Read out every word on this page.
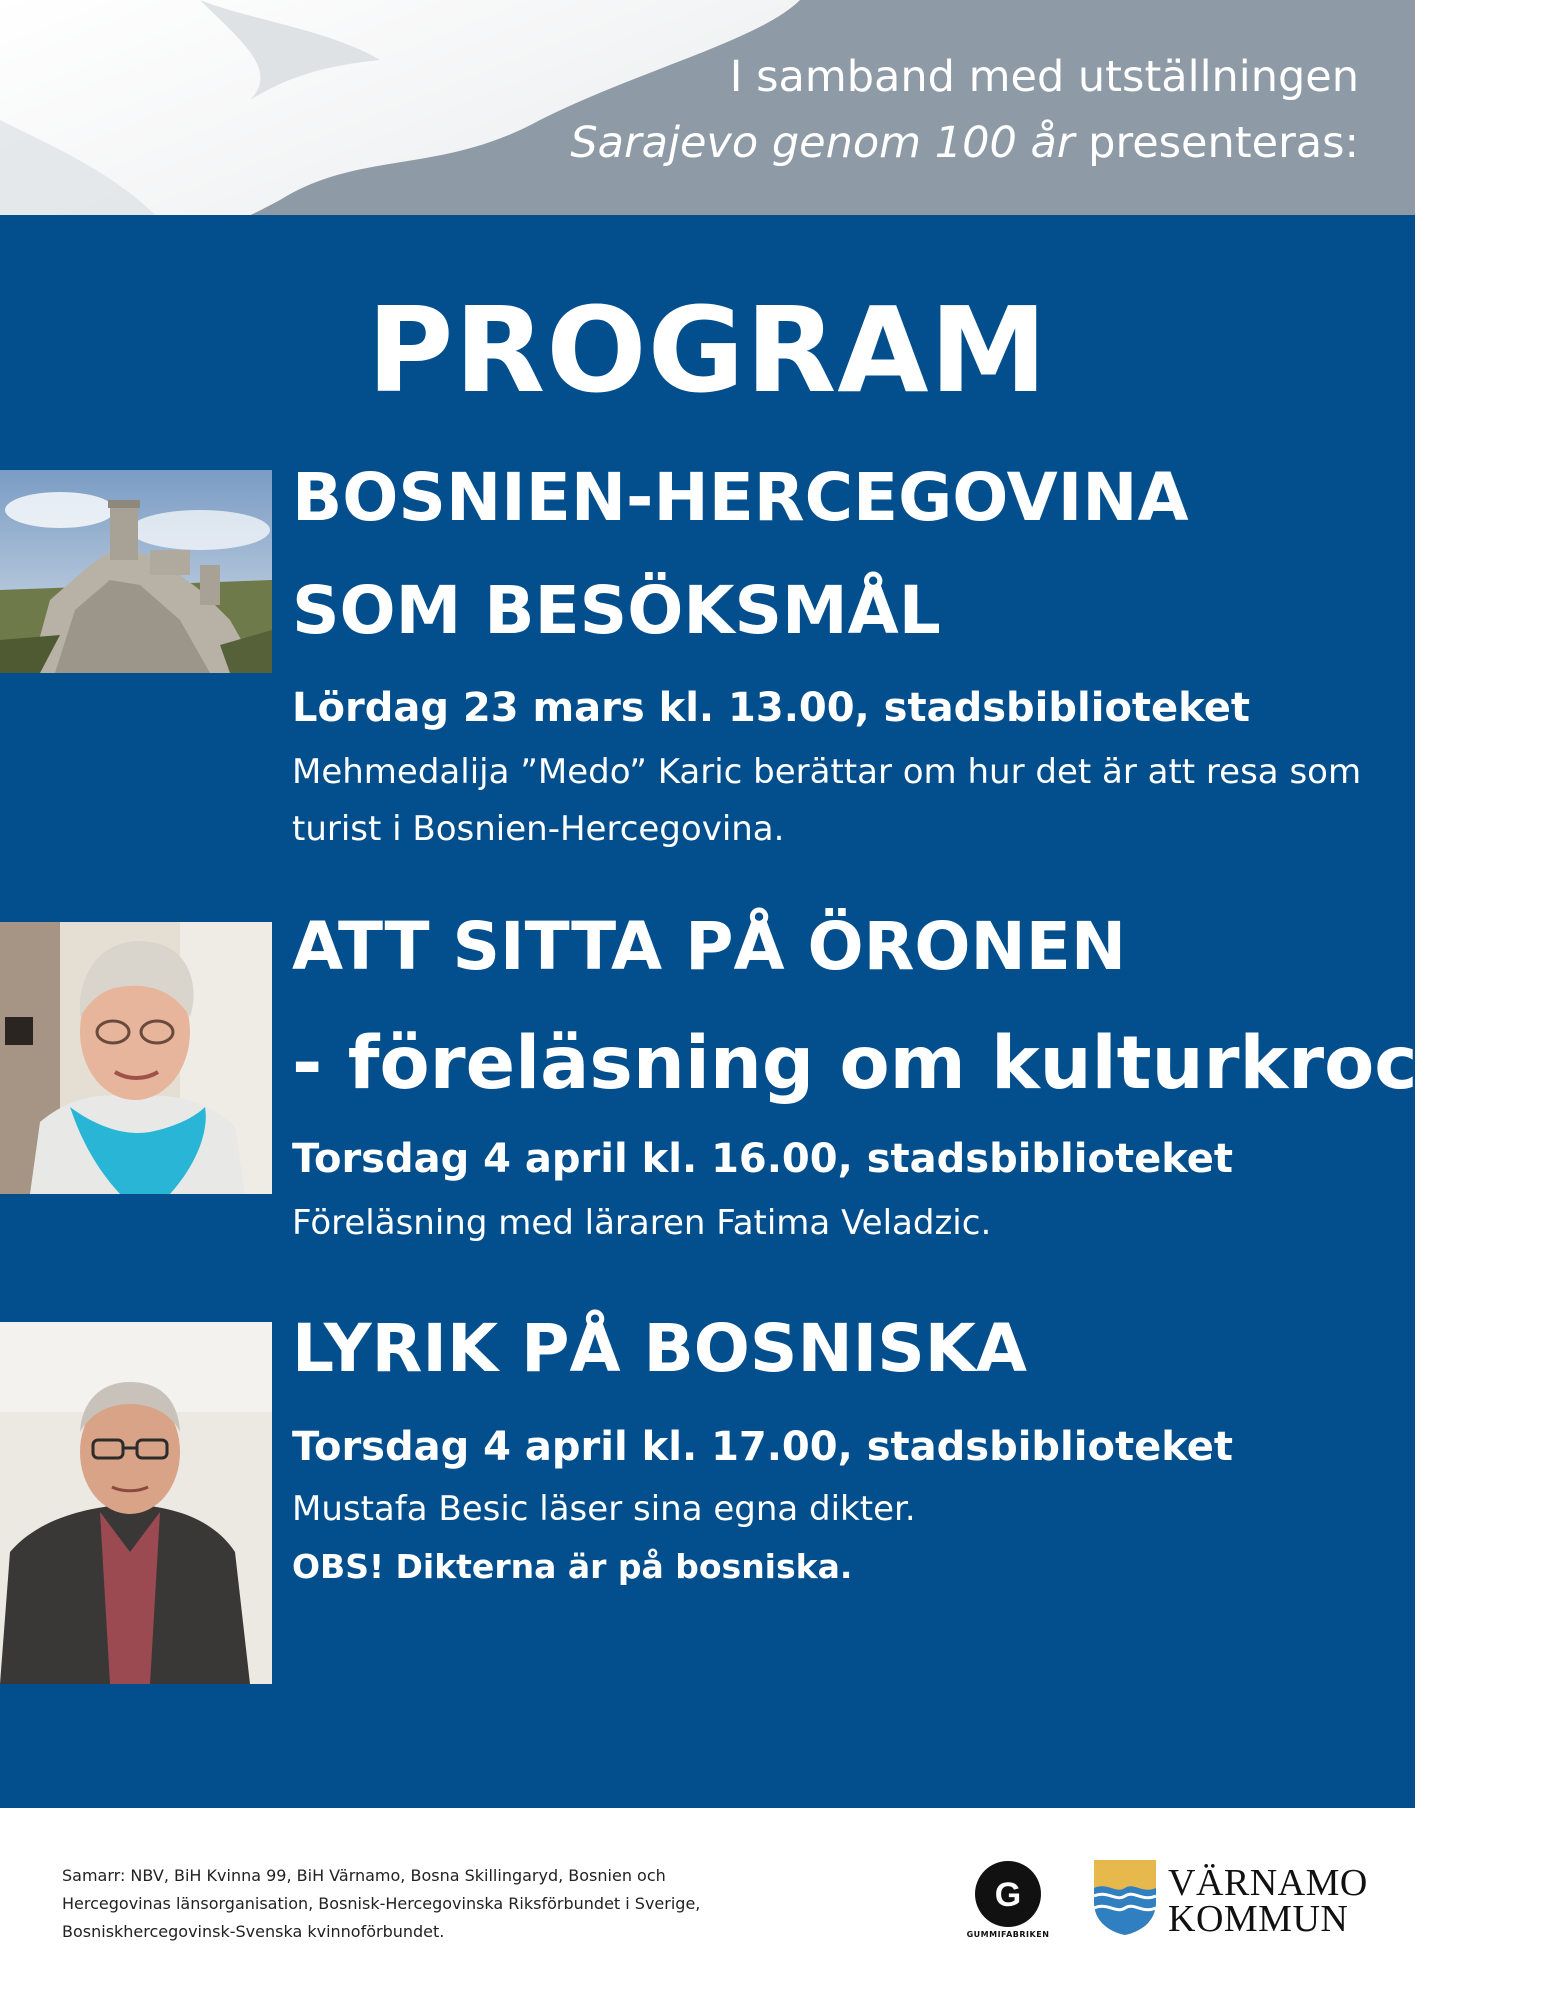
I samband med utställningen
Sarajevo genom 100 år presenteras:
PROGRAM
BOSNIEN-HERCEGOVINA
SOM BESÖKSMÅL
Lördag 23 mars kl. 13.00, stadsbiblioteket
Mehmedalija ”Medo” Karic berättar om hur det är att resa som turist i Bosnien-Hercegovina.
ATT SITTA PÅ ÖRONEN
- föreläsning om kulturkrockar
Torsdag 4 april kl. 16.00, stadsbiblioteket
Föreläsning med läraren Fatima Veladzic.
LYRIK PÅ BOSNISKA
Torsdag 4 april kl. 17.00, stadsbiblioteket
Mustafa Besic läser sina egna dikter.
OBS! Dikterna är på bosniska.
Samarr: NBV, BiH Kvinna 99, BiH Värnamo, Bosna Skillingaryd, Bosnien och Hercegovinas länsorganisation, Bosnisk-Hercegovinska Riksförbundet i Sverige, Bosniskhercegovinsk-Svenska kvinnoförbundet.
G
GUMMIFABRIKEN
VÄRNAMO
KOMMUN
